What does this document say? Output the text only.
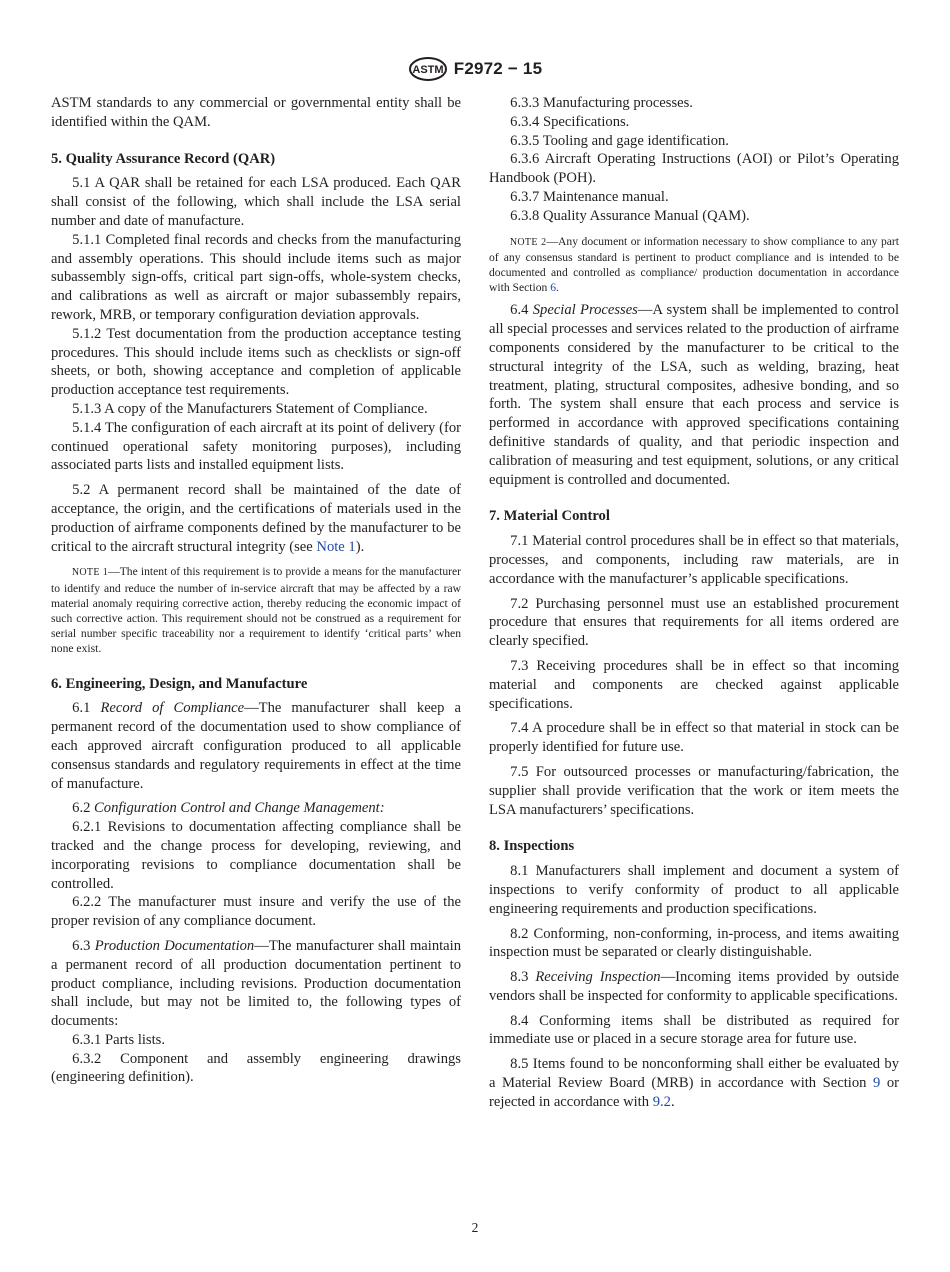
ASTM F2972 − 15

ASTM standards to any commercial or governmental entity shall be identified within the QAM.

5. Quality Assurance Record (QAR)

5.1 A QAR shall be retained for each LSA produced. Each QAR shall consist of the following, which shall include the LSA serial number and date of manufacture.

5.1.1 Completed final records and checks from the manufacturing and assembly operations. This should include items such as major subassembly sign-offs, critical part sign-offs, whole-system checks, and calibrations as well as aircraft or major subassembly repairs, rework, MRB, or temporary configuration deviation approvals.

5.1.2 Test documentation from the production acceptance testing procedures. This should include items such as checklists or sign-off sheets, or both, showing acceptance and completion of applicable production acceptance test requirements.

5.1.3 A copy of the Manufacturers Statement of Compliance.

5.1.4 The configuration of each aircraft at its point of delivery (for continued operational safety monitoring purposes), including associated parts lists and installed equipment lists.

5.2 A permanent record shall be maintained of the date of acceptance, the origin, and the certifications of materials used in the production of airframe components defined by the manufacturer to be critical to the aircraft structural integrity (see Note 1).

NOTE 1—The intent of this requirement is to provide a means for the manufacturer to identify and reduce the number of in-service aircraft that may be affected by a raw material anomaly requiring corrective action, thereby reducing the economic impact of such corrective action. This requirement should not be construed as a requirement for serial number specific traceability nor a requirement to identify ‘critical parts’ when none exist.

6. Engineering, Design, and Manufacture

6.1 Record of Compliance—The manufacturer shall keep a permanent record of the documentation used to show compliance of each approved aircraft configuration produced to all applicable consensus standards and regulatory requirements in effect at the time of manufacture.

6.2 Configuration Control and Change Management:

6.2.1 Revisions to documentation affecting compliance shall be tracked and the change process for developing, reviewing, and incorporating revisions to compliance documentation shall be controlled.

6.2.2 The manufacturer must insure and verify the use of the proper revision of any compliance document.

6.3 Production Documentation—The manufacturer shall maintain a permanent record of all production documentation pertinent to product compliance, including revisions. Production documentation shall include, but may not be limited to, the following types of documents:

6.3.1 Parts lists.

6.3.2 Component and assembly engineering drawings (engineering definition).

6.3.3 Manufacturing processes.

6.3.4 Specifications.

6.3.5 Tooling and gage identification.

6.3.6 Aircraft Operating Instructions (AOI) or Pilot’s Operating Handbook (POH).

6.3.7 Maintenance manual.

6.3.8 Quality Assurance Manual (QAM).

NOTE 2—Any document or information necessary to show compliance to any part of any consensus standard is pertinent to product compliance and is intended to be documented and controlled as compliance/ production documentation in accordance with Section 6.

6.4 Special Processes—A system shall be implemented to control all special processes and services related to the production of airframe components considered by the manufacturer to be critical to the structural integrity of the LSA, such as welding, brazing, heat treatment, plating, structural composites, adhesive bonding, and so forth. The system shall ensure that each process and service is performed in accordance with approved specifications containing definitive standards of quality, and that periodic inspection and calibration of measuring and test equipment, solutions, or any critical equipment is controlled and documented.

7. Material Control

7.1 Material control procedures shall be in effect so that materials, processes, and components, including raw materials, are in accordance with the manufacturer’s applicable specifications.

7.2 Purchasing personnel must use an established procurement procedure that ensures that requirements for all items ordered are clearly specified.

7.3 Receiving procedures shall be in effect so that incoming material and components are checked against applicable specifications.

7.4 A procedure shall be in effect so that material in stock can be properly identified for future use.

7.5 For outsourced processes or manufacturing/fabrication, the supplier shall provide verification that the work or item meets the LSA manufacturers’ specifications.

8. Inspections

8.1 Manufacturers shall implement and document a system of inspections to verify conformity of product to all applicable engineering requirements and production specifications.

8.2 Conforming, non-conforming, in-process, and items awaiting inspection must be separated or clearly distinguishable.

8.3 Receiving Inspection—Incoming items provided by outside vendors shall be inspected for conformity to applicable specifications.

8.4 Conforming items shall be distributed as required for immediate use or placed in a secure storage area for future use.

8.5 Items found to be nonconforming shall either be evaluated by a Material Review Board (MRB) in accordance with Section 9 or rejected in accordance with 9.2.

2
